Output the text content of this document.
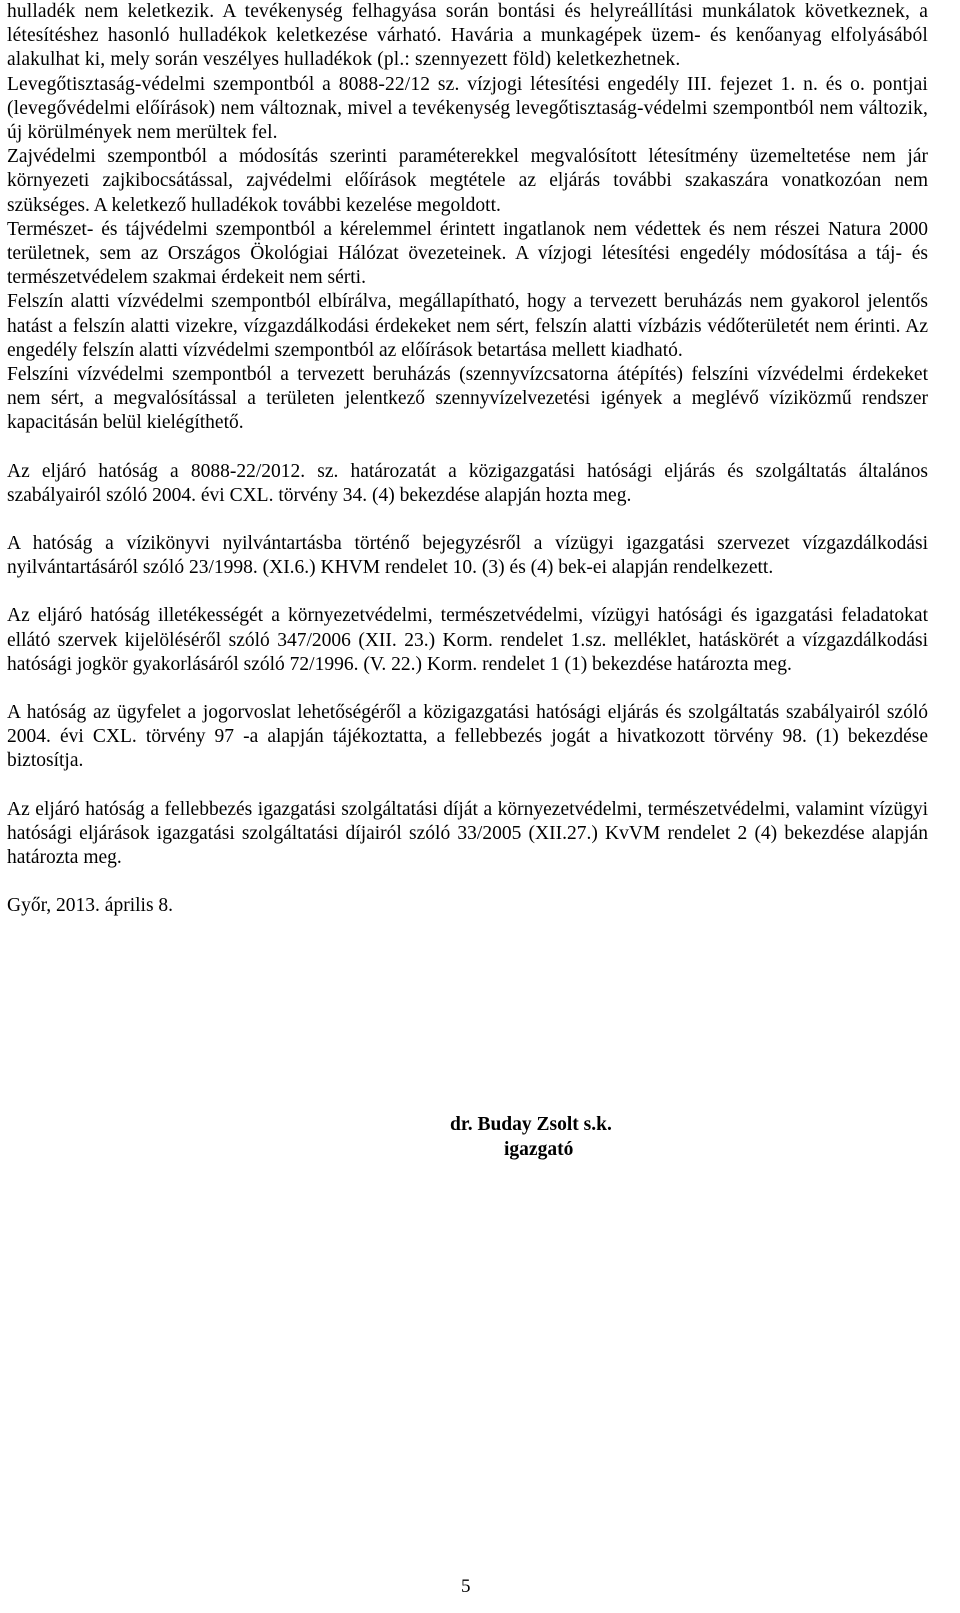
hulladék nem keletkezik. A tevékenység felhagyása során bontási és helyreállítási munkálatok következnek, a létesítéshez hasonló hulladékok keletkezése várható. Havária a munkagépek üzem- és kenőanyag elfolyásából alakulhat ki, mely során veszélyes hulladékok (pl.: szennyezett föld) keletkezhetnek.

Levegőtisztaság-védelmi szempontból a 8088-22/12 sz. vízjogi létesítési engedély III. fejezet 1. n. és o. pontjai (levegővédelmi előírások) nem változnak, mivel a tevékenység levegőtisztaság-védelmi szempontból nem változik, új körülmények nem merültek fel.

Zajvédelmi szempontból a módosítás szerinti paraméterekkel megvalósított létesítmény üzemeltetése nem jár környezeti zajkibocsátással, zajvédelmi előírások megtétele az eljárás további szakaszára vonatkozóan nem szükséges. A keletkező hulladékok további kezelése megoldott.

Természet- és tájvédelmi szempontból a kérelemmel érintett ingatlanok nem védettek és nem részei Natura 2000 területnek, sem az Országos Ökológiai Hálózat övezeteinek. A vízjogi létesítési engedély módosítása a táj- és természetvédelem szakmai érdekeit nem sérti.

Felszín alatti vízvédelmi szempontból elbírálva, megállapítható, hogy a tervezett beruházás nem gyakorol jelentős hatást a felszín alatti vizekre, vízgazdálkodási érdekeket nem sért, felszín alatti vízbázis védőterületét nem érinti. Az engedély felszín alatti vízvédelmi szempontból az előírások betartása mellett kiadható.

Felszíni vízvédelmi szempontból a tervezett beruházás (szennyvízcsatorna átépítés) felszíni vízvédelmi érdekeket nem sért, a megvalósítással a területen jelentkező szennyvízelvezetési igények a meglévő víziközmű rendszer kapacitásán belül kielégíthető.

Az eljáró hatóság a 8088-22/2012. sz. határozatát a közigazgatási hatósági eljárás és szolgáltatás általános szabályairól szóló 2004. évi CXL. törvény 34. (4) bekezdése alapján hozta meg.

A hatóság a vízikönyvi nyilvántartásba történő bejegyzésről a vízügyi igazgatási szervezet vízgazdálkodási nyilvántartásáról szóló 23/1998. (XI.6.) KHVM rendelet 10. (3) és (4) bek-ei alapján rendelkezett.

Az eljáró hatóság illetékességét a környezetvédelmi, természetvédelmi, vízügyi hatósági és igazgatási feladatokat ellátó szervek kijelöléséről szóló 347/2006 (XII. 23.) Korm. rendelet 1.sz. melléklet, hatáskörét a vízgazdálkodási hatósági jogkör gyakorlásáról szóló 72/1996. (V. 22.) Korm. rendelet 1 (1) bekezdése határozta meg.

A hatóság az ügyfelet a jogorvoslat lehetőségéről a közigazgatási hatósági eljárás és szolgáltatás szabályairól szóló 2004. évi CXL. törvény 97 -a alapján tájékoztatta, a fellebbezés jogát a hivatkozott törvény 98. (1) bekezdése biztosítja.

Az eljáró hatóság a fellebbezés igazgatási szolgáltatási díját a környezetvédelmi, természetvédelmi, valamint vízügyi hatósági eljárások igazgatási szolgáltatási díjairól szóló 33/2005 (XII.27.) KvVM rendelet 2 (4) bekezdése alapján határozta meg.

Győr, 2013. április 8.

dr. Buday Zsolt s.k.
igazgató
5
